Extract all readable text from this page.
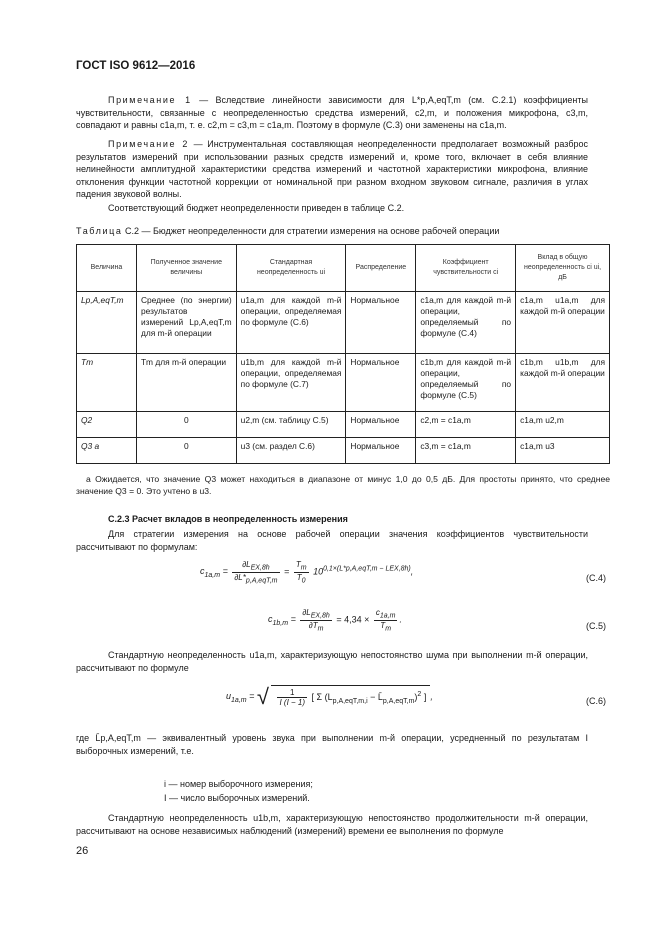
ГОСТ ISO 9612—2016
Примечание 1 — Вследствие линейности зависимости для L*p,A,eqT,m (см. С.2.1) коэффициенты чувствительности, связанные с неопределенностью средства измерений, c2,m, и положения микрофона, c3,m, совпадают и равны c1a,m, т. е. c2,m = c3,m = c1a,m. Поэтому в формуле (С.3) они заменены на c1a,m.
Примечание 2 — Инструментальная составляющая неопределенности предполагает возможный разброс результатов измерений при использовании разных средств измерений и, кроме того, включает в себя влияние нелинейности амплитудной характеристики средства измерений и частотной характеристики микрофона, влияние отклонения функции частотной коррекции от номинальной при разном входном звуковом сигнале, различия в углах падения звуковой волны.
Соответствующий бюджет неопределенности приведен в таблице С.2.
Таблица С.2 — Бюджет неопределенности для стратегии измерения на основе рабочей операции
Величина	Полученное значение величины	Стандартная неопределенность ui	Распределение	Коэффициент чувствительности ci	Вклад в общую неопределенность ci ui, дБ
Lp,A,eqT,m	Среднее (по энергии) результатов измерений Lp,A,eqT,m для m-й операции	u1a,m для каждой m-й операции, определяемая по формуле (С.6)	Нормальное	c1a,m для каждой m-й операции, определяемый по формуле (С.4)	c1a,m u1a,m для каждой m-й операции
Tm	Tm для m-й операции	u1b,m для каждой m-й операции, определяемая по формуле (С.7)	Нормальное	c1b,m для каждой m-й операции, определяемый по формуле (С.5)	c1b,m u1b,m для каждой m-й операции
Q2	0	u2,m (см. таблицу С.5)	Нормальное	c2,m = c1a,m	c1a,m u2,m
Q3 a	0	u3 (см. раздел С.6)	Нормальное	c3,m = c1a,m	c1a,m u3
a Ожидается, что значение Q3 может находиться в диапазоне от минус 1,0 до 0,5 дБ. Для простоты принято, что среднее значение Q3 = 0. Это учтено в u3.
С.2.3 Расчет вкладов в неопределенность измерения
Для стратегии измерения на основе рабочей операции значения коэффициентов чувствительности рассчитывают по формулам:
$c_{1a,m} = \frac{\partial L_{EX,8h}}{\partial L*_{p,A,eqT,m}} = \frac{T_m}{T_0} 10^{0,1\times(L*p,A,eqT,m - LEX,8h)}$,
(С.4)
$c_{1b,m} = \frac{\partial L_{EX,8h}}{\partial T_m} = 4,34 \times \frac{c_{1a,m}}{T_m}$ .
(С.5)
Стандартную неопределенность u1a,m, характеризующую непостоянство шума при выполнении m-й операции, рассчитывают по формуле
$u_{1a,m}$ = √ $\frac{1}{I (I - 1)}$ [ Σ ($L_{p,A,eqT,m,i}$ − $L̄_{p,A,eqT,m})^2$ ] ,	(С.6)
где L̄p,A,eqT,m — эквивалентный уровень звука при выполнении m-й операции, усредненный по результатам I выборочных измерений, т.е.
i — номер выборочного измерения;
I — число выборочных измерений.
Стандартную неопределенность u1b,m, характеризующую непостоянство продолжительности m-й операции, рассчитывают на основе независимых наблюдений (измерений) времени ее выполнения по формуле
26
